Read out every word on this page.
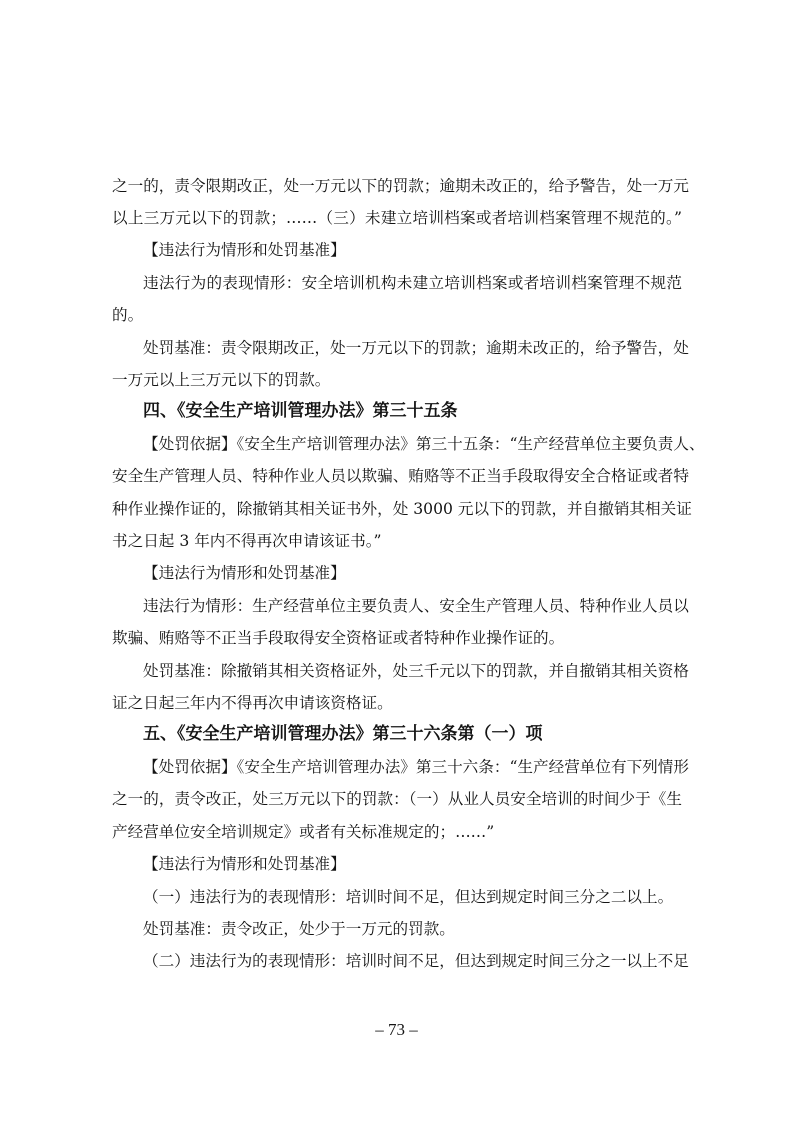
之一的，责令限期改正，处一万元以下的罚款；逾期未改正的，给予警告，处一万元
以上三万元以下的罚款；……（三）未建立培训档案或者培训档案管理不规范的。”
【违法行为情形和处罚基准】
违法行为的表现情形：安全培训机构未建立培训档案或者培训档案管理不规范
的。
处罚基准：责令限期改正，处一万元以下的罚款；逾期未改正的，给予警告，处
一万元以上三万元以下的罚款。
四、《安全生产培训管理办法》第三十五条
【处罚依据】《安全生产培训管理办法》第三十五条：“生产经营单位主要负责人、
安全生产管理人员、特种作业人员以欺骗、贿赂等不正当手段取得安全合格证或者特
种作业操作证的，除撤销其相关证书外，处 3000 元以下的罚款，并自撤销其相关证
书之日起 3 年内不得再次申请该证书。”
【违法行为情形和处罚基准】
违法行为情形：生产经营单位主要负责人、安全生产管理人员、特种作业人员以
欺骗、贿赂等不正当手段取得安全资格证或者特种作业操作证的。
处罚基准：除撤销其相关资格证外，处三千元以下的罚款，并自撤销其相关资格
证之日起三年内不得再次申请该资格证。
五、《安全生产培训管理办法》第三十六条第（一）项
【处罚依据】《安全生产培训管理办法》第三十六条：“生产经营单位有下列情形
之一的，责令改正，处三万元以下的罚款：（一）从业人员安全培训的时间少于《生
产经营单位安全培训规定》或者有关标准规定的；……”
【违法行为情形和处罚基准】
（一）违法行为的表现情形：培训时间不足，但达到规定时间三分之二以上。
处罚基准：责令改正，处少于一万元的罚款。
（二）违法行为的表现情形：培训时间不足，但达到规定时间三分之一以上不足
– 73 –
